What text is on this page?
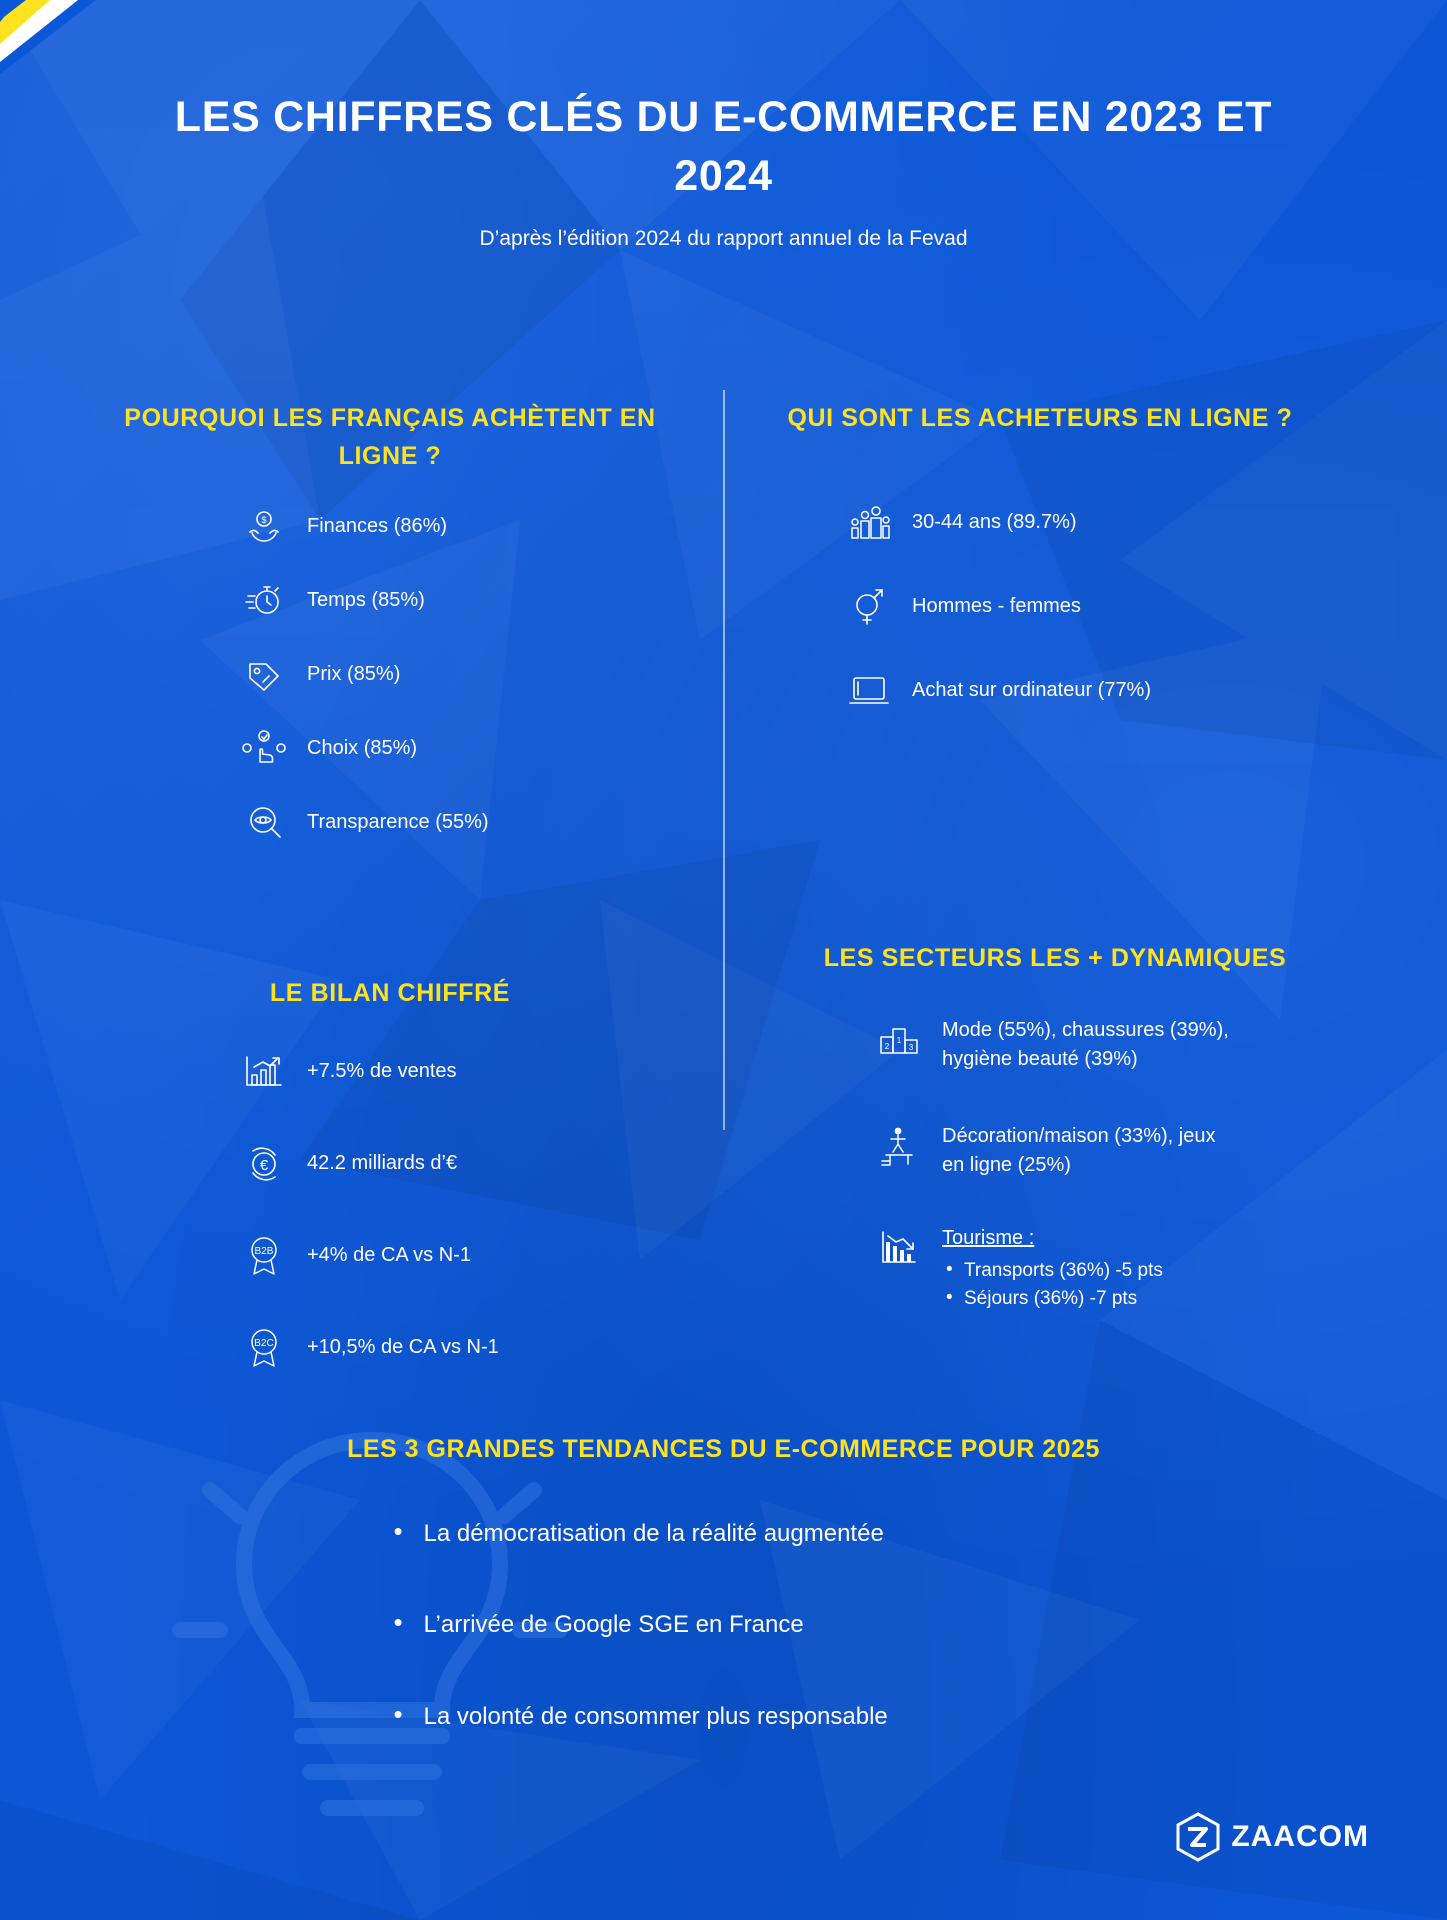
LES CHIFFRES CLÉS DU E-COMMERCE EN 2023 ET 2024
D’après l’édition 2024 du rapport annuel de la Fevad
POURQUOI LES FRANÇAIS ACHÈTENT EN LIGNE ?
$ Finances (86%)
Temps (85%)
Prix (85%)
Choix (85%)
Transparence (55%)
QUI SONT LES ACHETEURS EN LIGNE ?
30-44 ans (89.7%)
Hommes - femmes
Achat sur ordinateur (77%)
LE BILAN CHIFFRÉ
+7.5% de ventes
€ 42.2 milliards d’€
B2B +4% de CA vs N-1
B2C +10,5% de CA vs N-1
LES SECTEURS LES + DYNAMIQUES
1
2 3
Mode (55%), chaussures (39%), hygiène beauté (39%)
Décoration/maison (33%), jeux en ligne (25%)
Tourisme :
• Transports (36%) -5 pts
• Séjours (36%) -7 pts
LES 3 GRANDES TENDANCES DU E-COMMERCE POUR 2025
• La démocratisation de la réalité augmentée
• L’arrivée de Google SGE en France
• La volonté de consommer plus responsable
ZAACOM
